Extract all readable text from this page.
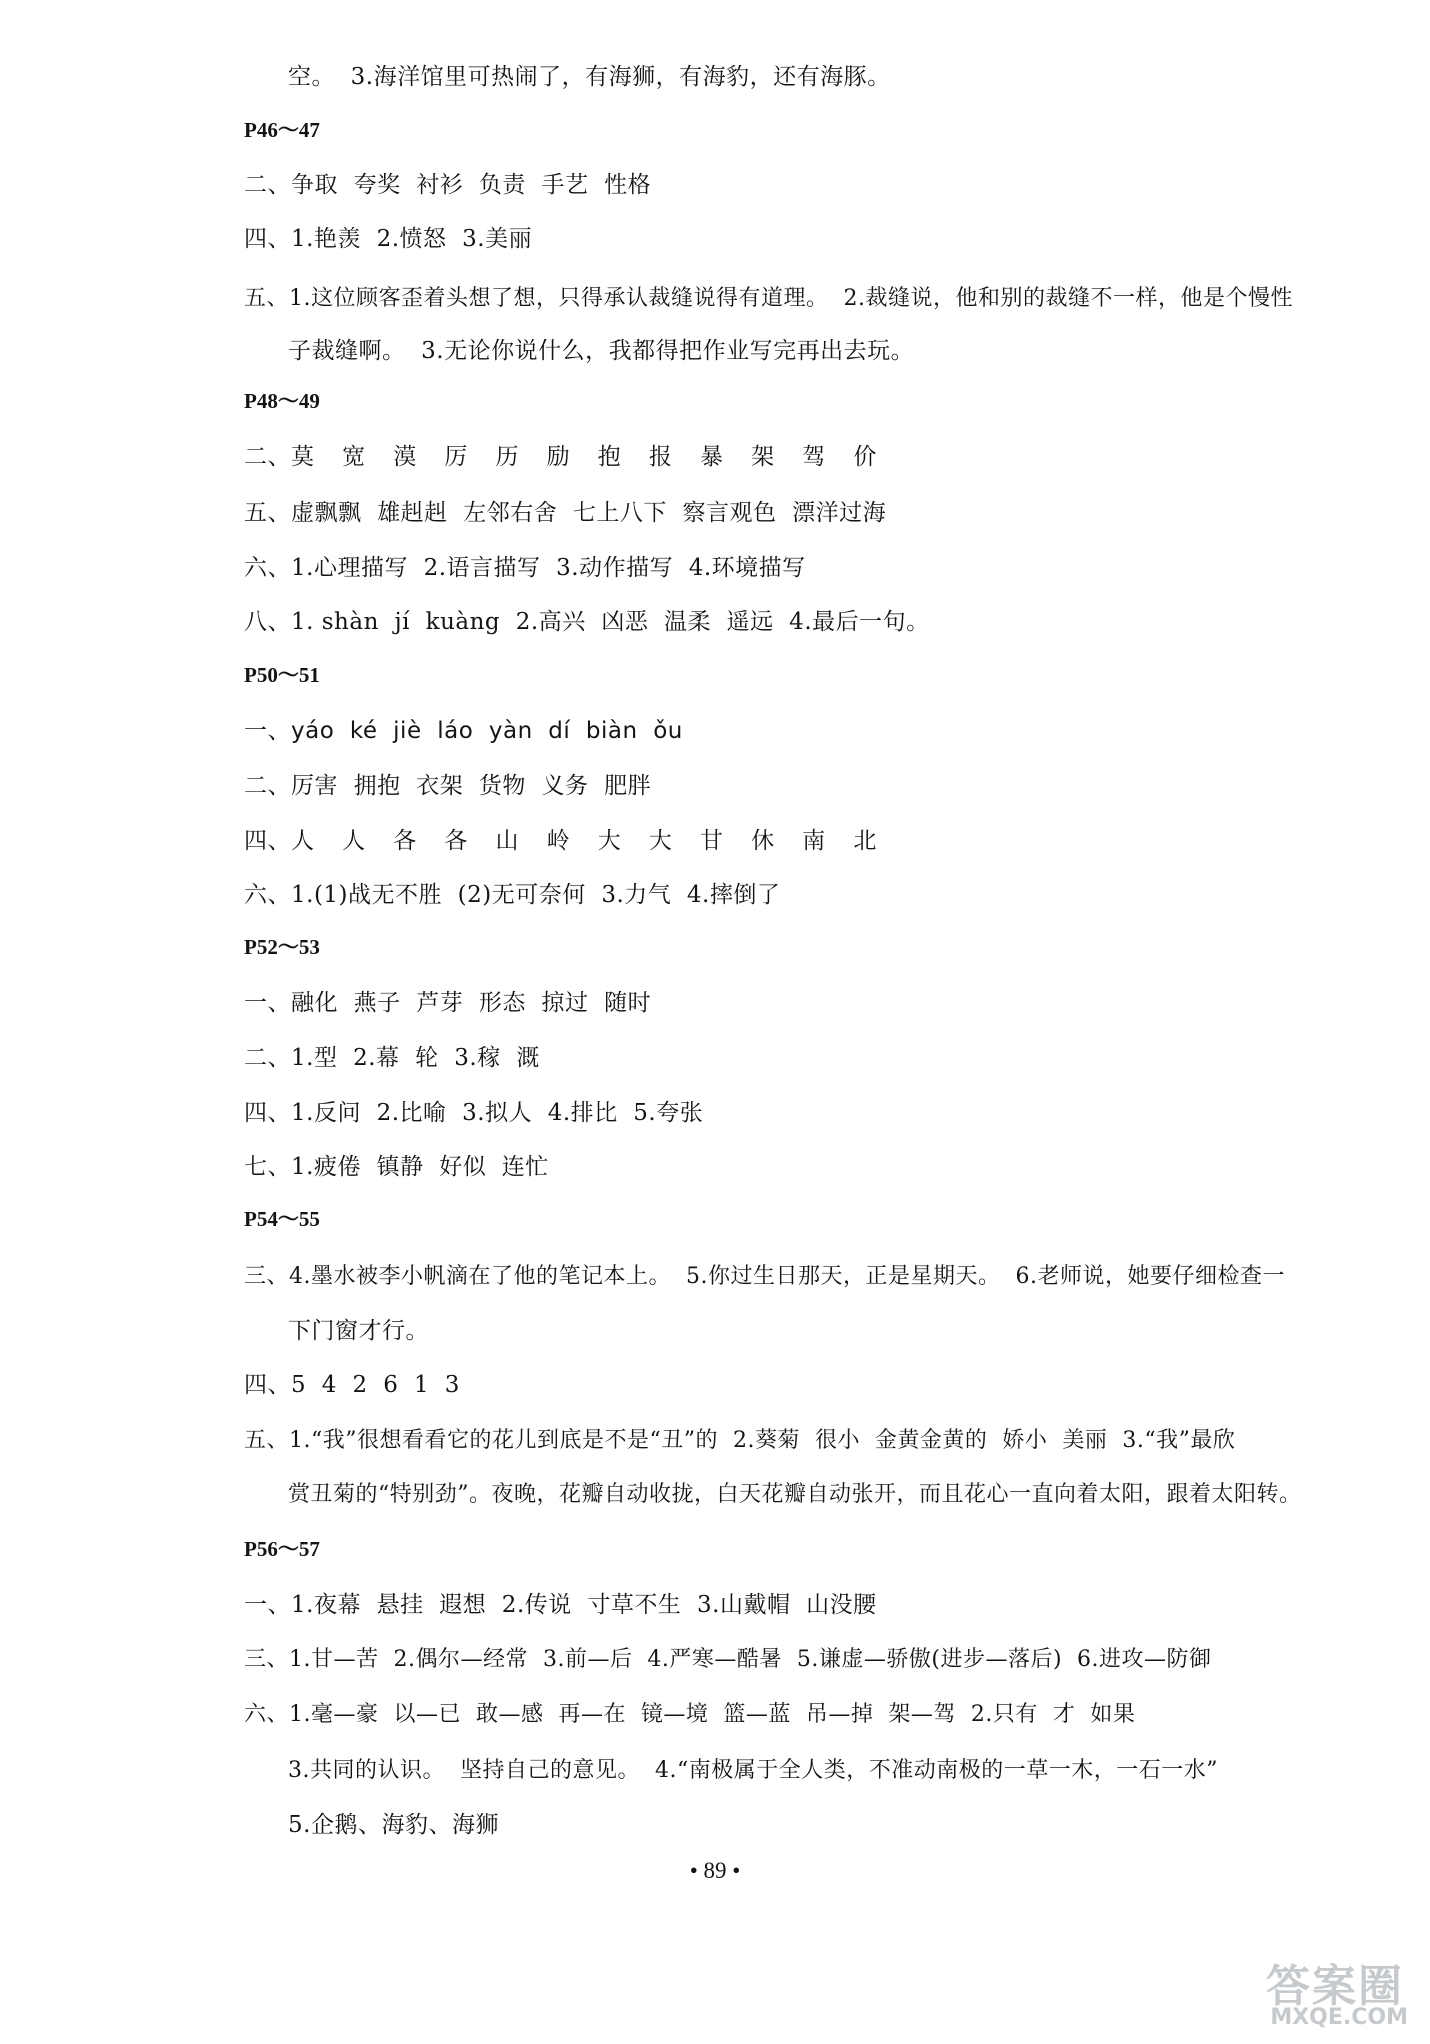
空。  3.海洋馆里可热闹了，有海狮，有海豹，还有海豚。
P46～47
二、争取  夸奖  衬衫  负责  手艺  性格
四、1.艳羡  2.愤怒  3.美丽
五、1.这位顾客歪着头想了想，只得承认裁缝说得有道理。  2.裁缝说，他和别的裁缝不一样，他是个慢性
子裁缝啊。  3.无论你说什么，我都得把作业写完再出去玩。
P48～49
二、莫  宽  漠  厉  历  励  抱  报  暴  架  驾  价
五、虚飘飘  雄赳赳  左邻右舍  七上八下  察言观色  漂洋过海
六、1.心理描写  2.语言描写  3.动作描写  4.环境描写
八、1. shàn  jí  kuàng  2.高兴  凶恶  温柔  遥远  4.最后一句。
P50～51
一、yáo  ké  jiè  láo  yàn  dí  biàn  ǒu
二、厉害  拥抱  衣架  货物  义务  肥胖
四、人  人  各  各  山  岭  大  大  甘  休  南  北
六、1.(1)战无不胜  (2)无可奈何  3.力气  4.摔倒了
P52～53
一、融化  燕子  芦芽  形态  掠过  随时
二、1.型  2.幕  轮  3.稼  溉
四、1.反问  2.比喻  3.拟人  4.排比  5.夸张
七、1.疲倦  镇静  好似  连忙
P54～55
三、4.墨水被李小帆滴在了他的笔记本上。  5.你过生日那天，正是星期天。  6.老师说，她要仔细检查一
下门窗才行。
四、5  4  2  6  1  3
五、1.“我”很想看看它的花儿到底是不是“丑”的  2.葵菊  很小  金黄金黄的  娇小  美丽  3.“我”最欣
赏丑菊的“特别劲”。夜晚，花瓣自动收拢，白天花瓣自动张开，而且花心一直向着太阳，跟着太阳转。
P56～57
一、1.夜幕  悬挂  遐想  2.传说  寸草不生  3.山戴帽  山没腰
三、1.甘—苦  2.偶尔—经常  3.前—后  4.严寒—酷暑  5.谦虚—骄傲(进步—落后)  6.进攻—防御
六、1.毫—豪  以—已  敢—感  再—在  镜—境  篮—蓝  吊—掉  架—驾  2.只有  才  如果
3.共同的认识。  坚持自己的意见。  4.“南极属于全人类，不准动南极的一草一木，一石一水”
5.企鹅、海豹、海狮
• 89 •
答案圈
MXQE.COM
